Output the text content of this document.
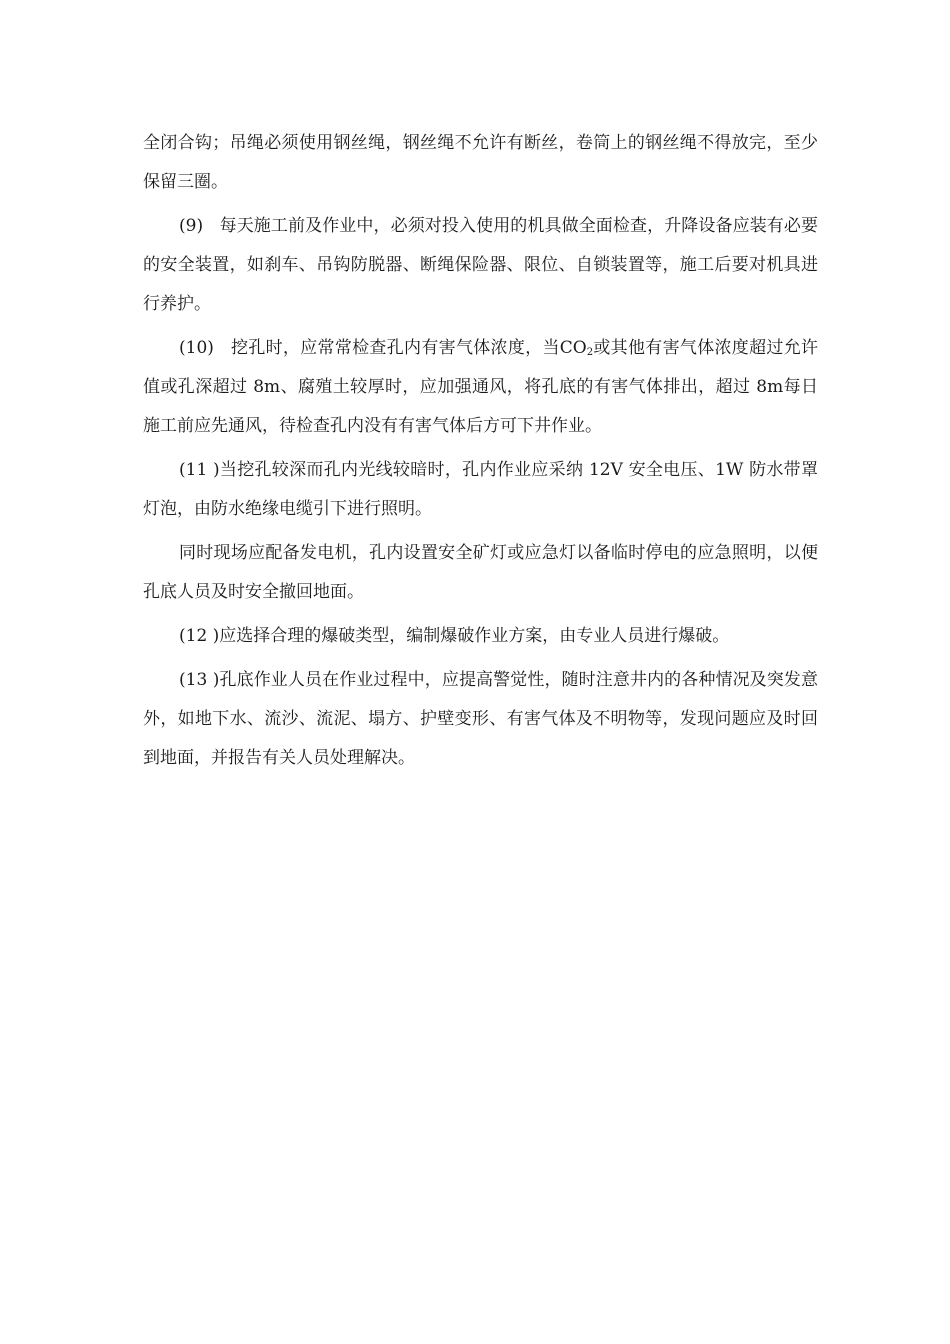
全闭合钩；吊绳必须使用钢丝绳，钢丝绳不允许有断丝，卷筒上的钢丝绳不得放完，至少保留三圈。

(9)   每天施工前及作业中，必须对投入使用的机具做全面检查，升降设备应装有必要的安全装置，如刹车、吊钩防脱器、断绳保险器、限位、自锁装置等，施工后要对机具进行养护。

(10)   挖孔时，应常常检查孔内有害气体浓度，当$CO_2$或其他有害气体浓度超过允许值或孔深超过 8m、腐殖土较厚时，应加强通风，将孔底的有害气体排出，超过 8m每日施工前应先通风，待检查孔内没有有害气体后方可下井作业。

(11 )当挖孔较深而孔内光线较暗时，孔内作业应采纳 12V 安全电压、1W 防水带罩灯泡，由防水绝缘电缆引下进行照明。

同时现场应配备发电机，孔内设置安全矿灯或应急灯以备临时停电的应急照明，以便孔底人员及时安全撤回地面。

(12 )应选择合理的爆破类型，编制爆破作业方案，由专业人员进行爆破。

(13 )孔底作业人员在作业过程中，应提高警觉性，随时注意井内的各种情况及突发意外，如地下水、流沙、流泥、塌方、护壁变形、有害气体及不明物等，发现问题应及时回到地面，并报告有关人员处理解决。
